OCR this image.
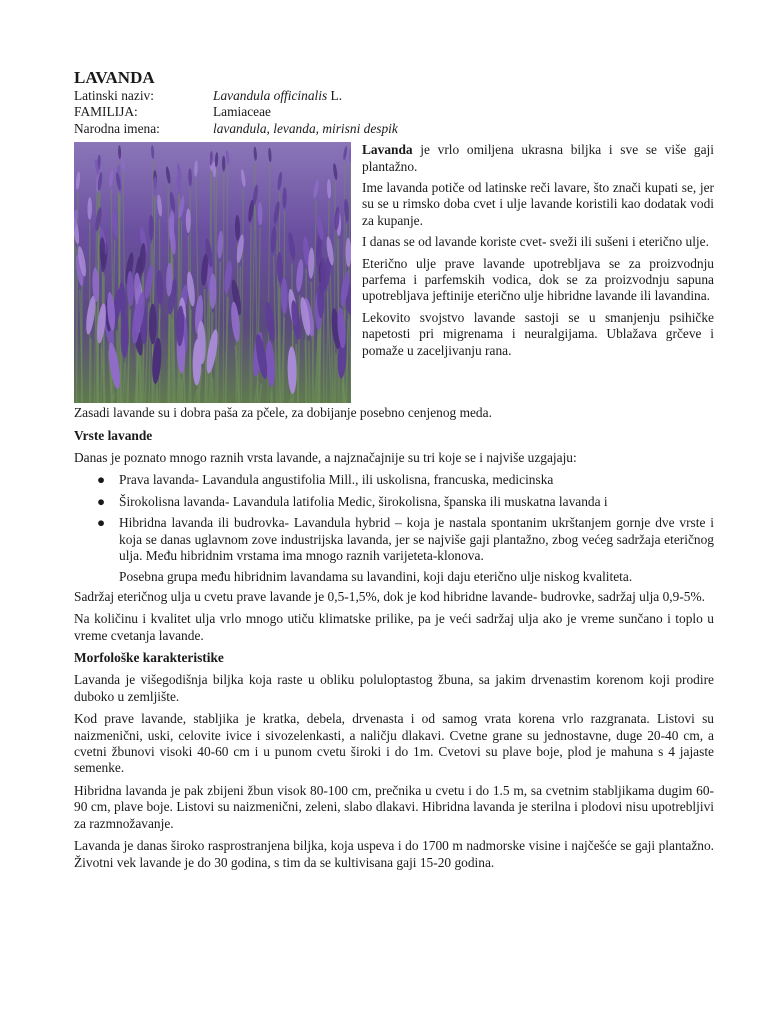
LAVANDA
Latinski naziv:	Lavandula officinalis L.
FAMILIJA:	Lamiaceae
Narodna imena:	lavandula, levanda, mirisni despik

Lavanda je vrlo omiljena ukrasna biljka i sve se više gaji plantažno.

Ime lavanda potiče od latinske reči lavare, što znači kupati se, jer su se u rimsko doba cvet i ulje lavande koristili kao dodatak vodi za kupanje.

I danas se od lavande koriste cvet- sveži ili sušeni i eterično ulje.

Eterično ulje prave lavande upotrebljava se za proizvodnju parfema i parfemskih vodica, dok se za proizvodnju sapuna upotrebljava jeftinije eterično ulje hibridne lavande ili lavandina.

Lekovito svojstvo lavande sastoji se u smanjenju psihičke napetosti pri migrenama i neuralgijama. Ublažava grčeve i pomaže u zaceljivanju rana.

Zasadi lavande su i dobra paša za pčele, za dobijanje posebno cenjenog meda.

Vrste lavande

Danas je poznato mnogo raznih vrsta lavande, a najznačajnije su tri koje se i najviše uzgajaju:

● Prava lavanda- Lavandula angustifolia Mill., ili uskolisna, francuska, medicinska
● Širokolisna lavanda- Lavandula latifolia Medic, širokolisna, španska ili muskatna lavanda i
● Hibridna lavanda ili budrovka- Lavandula hybrid – koja je nastala spontanim ukrštanjem gornje dve vrste i koja se danas uglavnom zove industrijska lavanda, jer se najviše gaji plantažno, zbog većeg sadržaja eteričnog ulja. Među hibridnim vrstama ima mnogo raznih varijeteta-klonova.

Posebna grupa među hibridnim lavandama su lavandini, koji daju eterično ulje niskog kvaliteta.

Sadržaj eteričnog ulja u cvetu prave lavande je 0,5-1,5%, dok je kod hibridne lavande- budrovke, sadržaj ulja 0,9-5%.

Na količinu i kvalitet ulja vrlo mnogo utiču klimatske prilike, pa je veći sadržaj ulja ako je vreme sunčano i toplo u vreme cvetanja lavande.

Morfološke karakteristike

Lavanda je višegodišnja biljka koja raste u obliku poluloptastog žbuna, sa jakim drvenastim korenom koji prodire duboko u zemljište.

Kod prave lavande, stabljika je kratka, debela, drvenasta i od samog vrata korena vrlo razgranata. Listovi su naizmenični, uski, celovite ivice i sivozelenkasti, a naličju dlakavi. Cvetne grane su jednostavne, duge 20-40 cm, a cvetni žbunovi visoki 40-60 cm i u punom cvetu široki i do 1m. Cvetovi su plave boje, plod je mahuna s 4 jajaste semenke.

Hibridna lavanda je pak zbijeni žbun visok 80-100 cm, prečnika u cvetu i do 1.5 m, sa cvetnim stabljikama dugim 60-90 cm, plave boje. Listovi su naizmenični, zeleni, slabo dlakavi. Hibridna lavanda je sterilna i plodovi nisu upotrebljivi za razmnožavanje.

Lavanda je danas široko rasprostranjena biljka, koja uspeva i do 1700 m nadmorske visine i najčešće se gaji plantažno. Životni vek lavande je do 30 godina, s tim da se kultivisana gaji 15-20 godina.
